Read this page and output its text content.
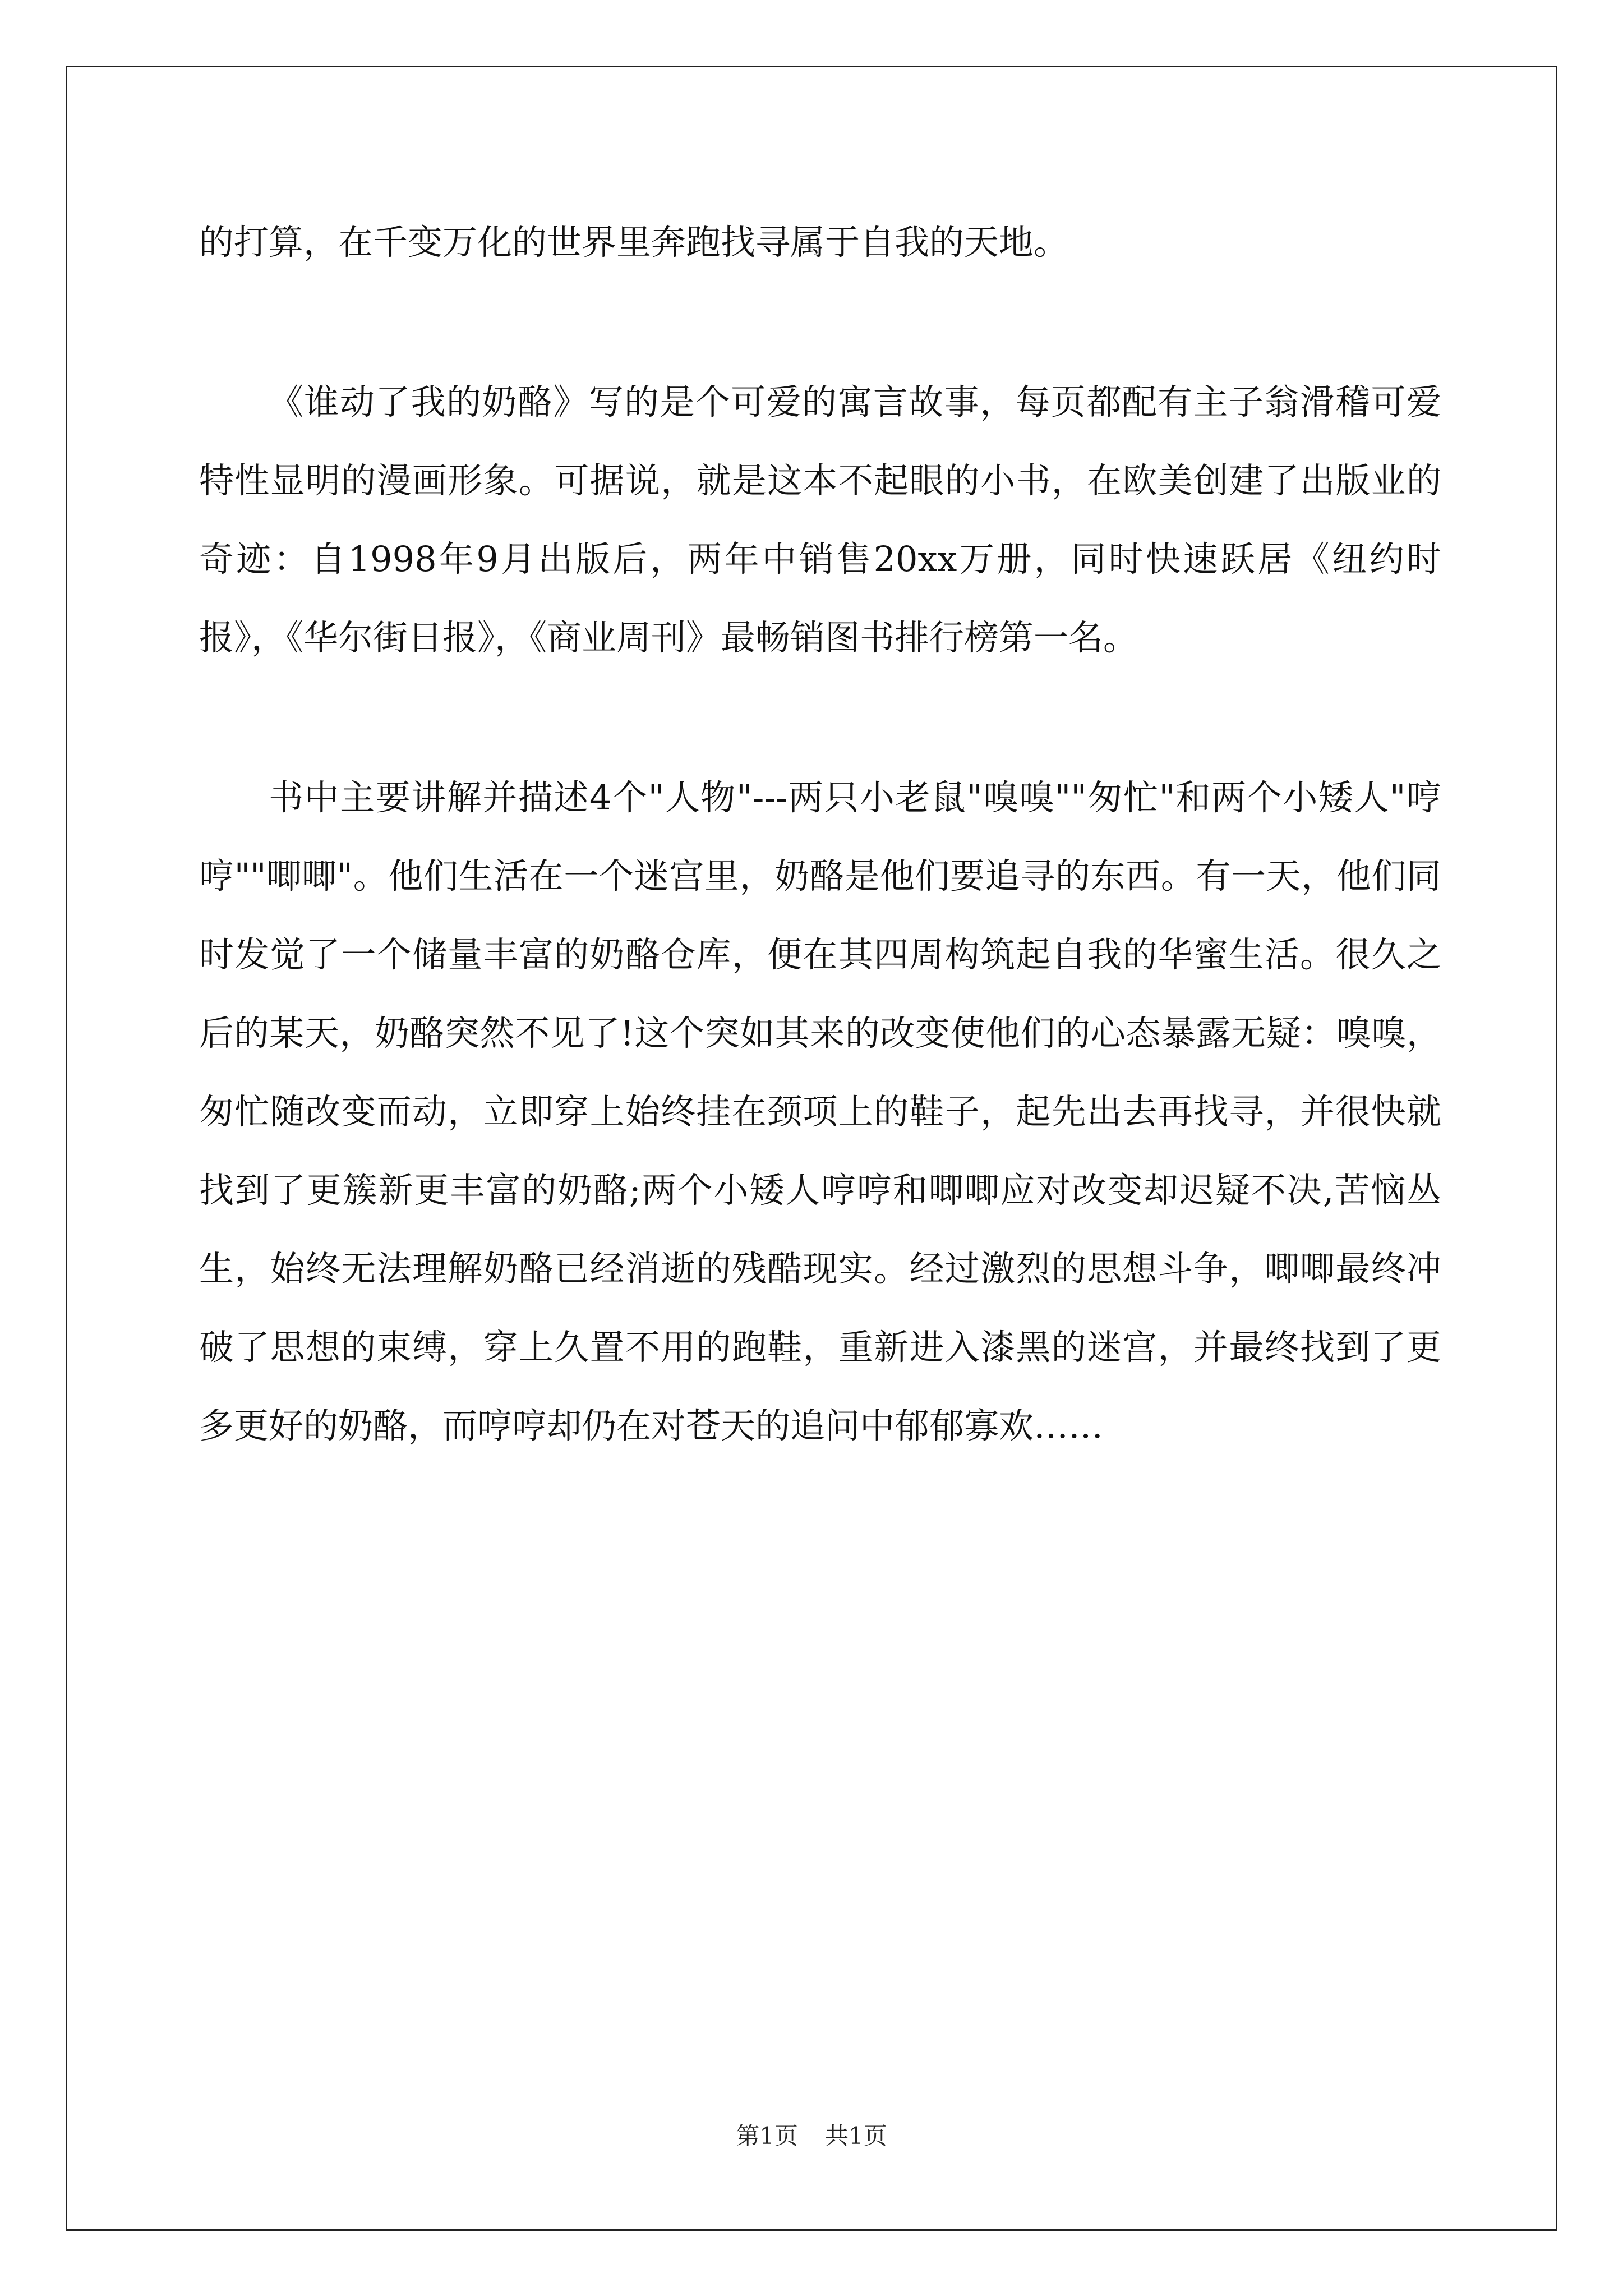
的打算，在千变万化的世界里奔跑找寻属于自我的天地。

《谁动了我的奶酪》写的是个可爱的寓言故事，每页都配有主子翁滑稽可爱特性显明的漫画形象。可据说，就是这本不起眼的小书，在欧美创建了出版业的奇迹：自1998年9月出版后，两年中销售20xx万册，同时快速跃居《纽约时报》，《华尔街日报》，《商业周刊》最畅销图书排行榜第一名。

书中主要讲解并描述4个"人物"---两只小老鼠"嗅嗅""匆忙"和两个小矮人"哼哼""唧唧"。他们生活在一个迷宫里，奶酪是他们要追寻的东西。有一天，他们同时发觉了一个储量丰富的奶酪仓库，便在其四周构筑起自我的华蜜生活。很久之后的某天，奶酪突然不见了!这个突如其来的改变使他们的心态暴露无疑：嗅嗅，匆忙随改变而动，立即穿上始终挂在颈项上的鞋子，起先出去再找寻，并很快就找到了更簇新更丰富的奶酪;两个小矮人哼哼和唧唧应对改变却迟疑不决,苦恼丛生，始终无法理解奶酪已经消逝的残酷现实。经过激烈的思想斗争，唧唧最终冲破了思想的束缚，穿上久置不用的跑鞋，重新进入漆黑的迷宫，并最终找到了更多更好的奶酪，而哼哼却仍在对苍天的追问中郁郁寡欢……

第1页 共1页
